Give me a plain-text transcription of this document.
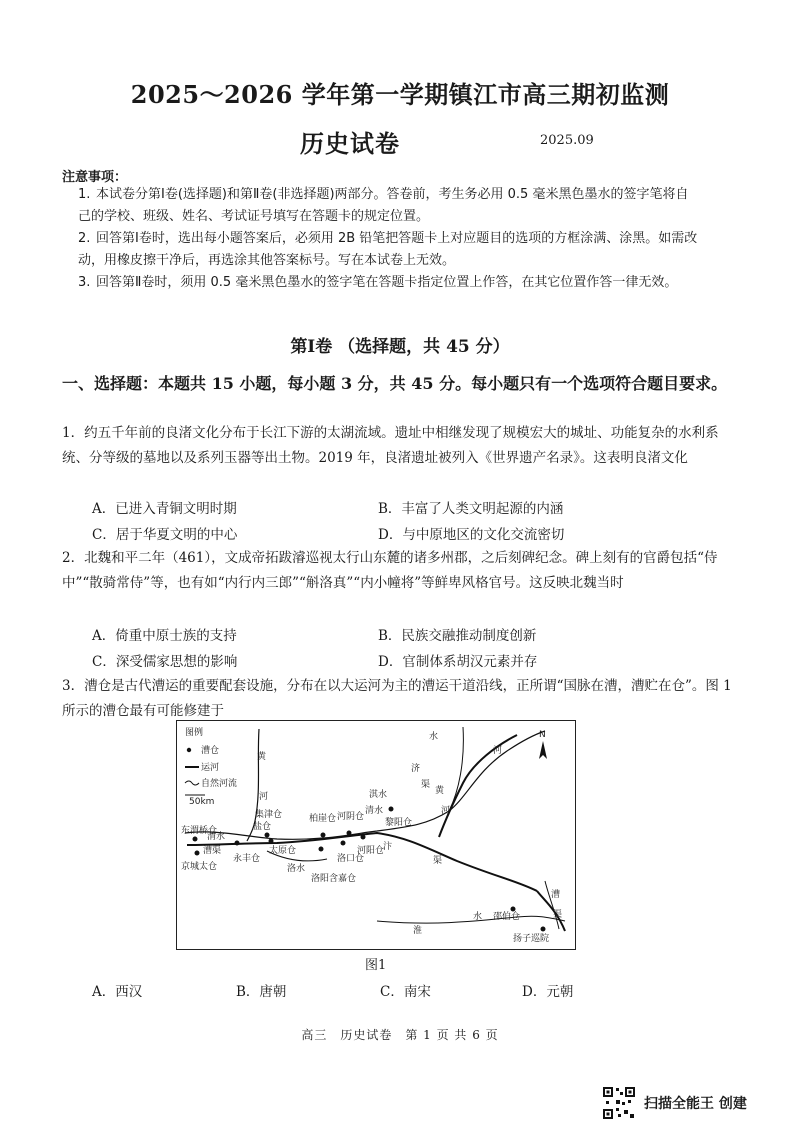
2025～2026 学年第一学期镇江市高三期初监测
历史试卷	2025.09
注意事项：
1. 本试卷分第Ⅰ卷(选择题)和第Ⅱ卷(非选择题)两部分。答卷前，考生务必用 0.5 毫米黑色墨水的签字笔将自己的学校、班级、姓名、考试证号填写在答题卡的规定位置。
2. 回答第Ⅰ卷时，选出每小题答案后，必须用 2B 铅笔把答题卡上对应题目的选项的方框涂满、涂黑。如需改动，用橡皮擦干净后，再选涂其他答案标号。写在本试卷上无效。
3. 回答第Ⅱ卷时，须用 0.5 毫米黑色墨水的签字笔在答题卡指定位置上作答，在其它位置作答一律无效。
第Ⅰ卷 （选择题，共 45 分）
一、选择题：本题共 15 小题，每小题 3 分，共 45 分。每小题只有一个选项符合题目要求。
1．约五千年前的良渚文化分布于长江下游的太湖流域。遗址中相继发现了规模宏大的城址、功能复杂的水利系统、分等级的墓地以及系列玉器等出土物。2019 年，良渚遗址被列入《世界遗产名录》。这表明良渚文化
A．已进入青铜文明时期	B．丰富了人类文明起源的内涵
C．居于华夏文明的中心	D．与中原地区的文化交流密切
2．北魏和平二年（461），文成帝拓跋濬巡视太行山东麓的诸多州郡，之后刻碑纪念。碑上刻有的官爵包括“侍中”“散骑常侍”等，也有如“内行内三郎”“斛洛真”“内小幢将”等鲜卑风格官号。这反映北魏当时
A．倚重中原士族的支持	B．民族交融推动制度创新
C．深受儒家思想的影响	D．官制体系胡汉元素并存
3．漕仓是古代漕运的重要配套设施，分布在以大运河为主的漕运干道沿线，正所谓“国脉在漕，漕贮在仓”。图 1 所示的漕仓最有可能修建于
图例
漕仓
运河
自然河流
50km
N
黄
河
水
河
济
渠
黄
河
淇水
清水
东渭桥仓
渭水
漕渠
京城太仓
永丰仓
集津仓
盐仓
太原仓
洛水
柏崖仓 河阴仓
洛口仓
河阳仓
洛阳含嘉仓
黎阳仓
汴
渠
淮
水 邵伯仓
扬子巡院
漕
渠
图1
A．西汉	B．唐朝	C．南宋	D．元朝
高三　历史试卷　第 1 页 共 6 页
扫描全能王 创建
